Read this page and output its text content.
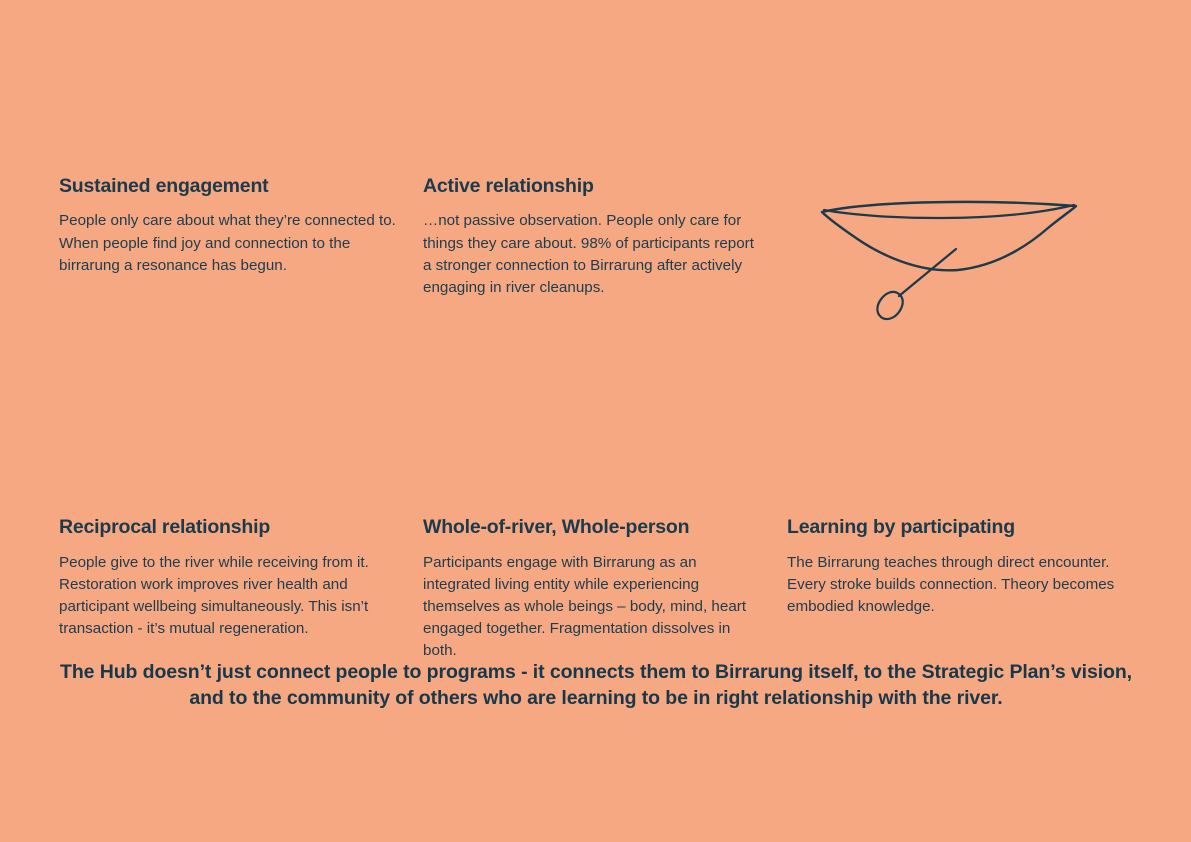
Sustained engagement

People only care about what they’re connected to. When people find joy and connection to the birrarung a resonance has begun.

Active relationship

…not passive observation. People only care for things they care about. 98% of participants report a stronger connection to Birrarung after actively engaging in river cleanups.

Reciprocal relationship

People give to the river while receiving from it. Restoration work improves river health and participant wellbeing simultaneously. This isn’t transaction - it’s mutual regeneration.

Whole-of-river, Whole-person

Participants engage with Birrarung as an integrated living entity while experiencing themselves as whole beings – body, mind, heart engaged together. Fragmentation dissolves in both.

Learning by participating

The Birrarung teaches through direct encounter. Every stroke builds connection. Theory becomes embodied knowledge.

The Hub doesn’t just connect people to programs - it connects them to Birrarung itself, to the Strategic Plan’s vision, and to the community of others who are learning to be in right relationship with the river.
